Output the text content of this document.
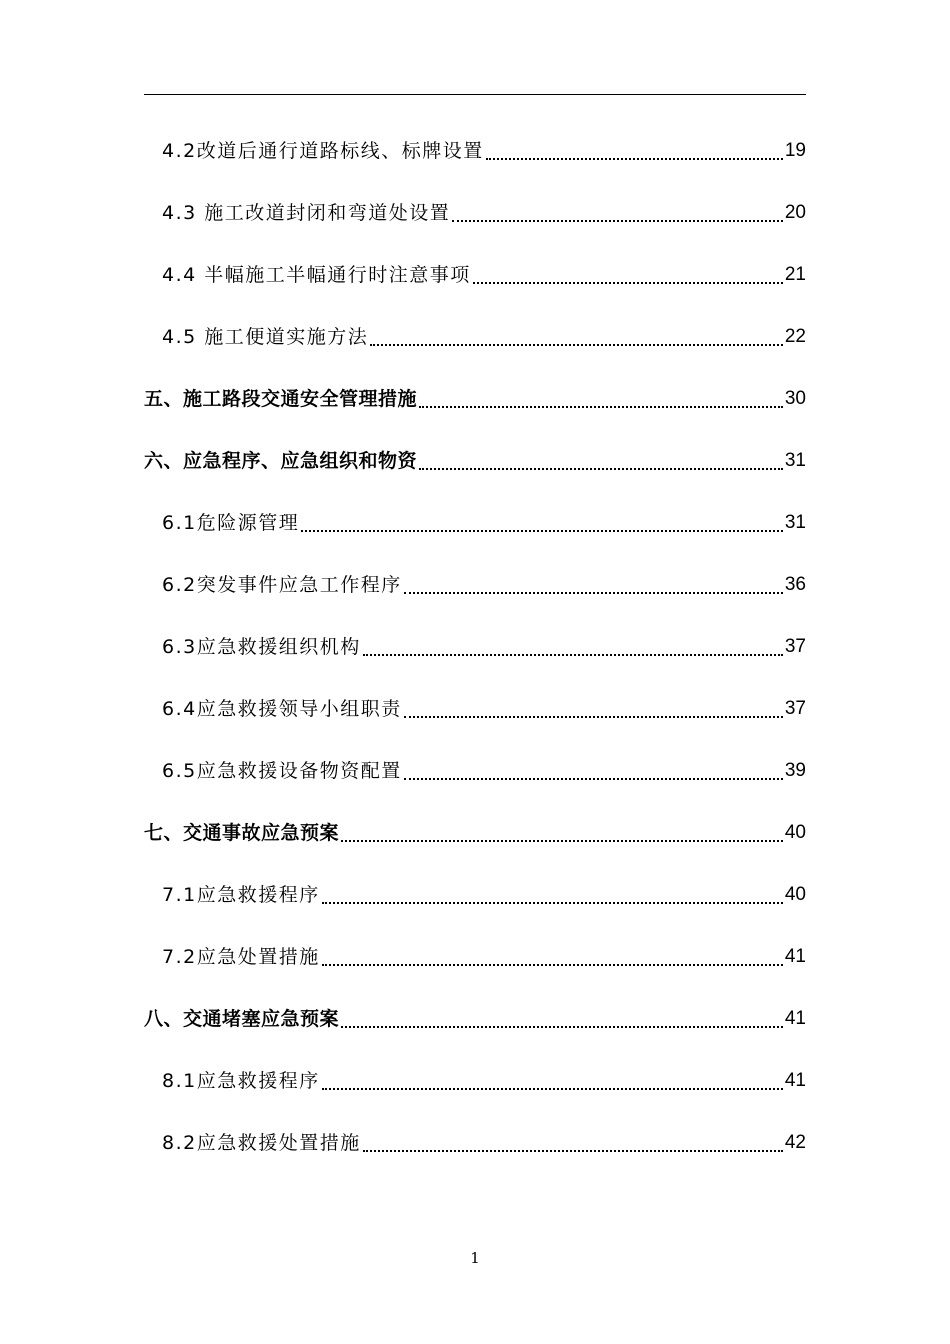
4.2改道后通行道路标线、标牌设置	19
4.3 施工改道封闭和弯道处设置	20
4.4 半幅施工半幅通行时注意事项	21
4.5 施工便道实施方法	22
五、施工路段交通安全管理措施	30
六、应急程序、应急组织和物资	31
6.1危险源管理	31
6.2突发事件应急工作程序	36
6.3应急救援组织机构	37
6.4应急救援领导小组职责	37
6.5应急救援设备物资配置	39
七、交通事故应急预案	40
7.1应急救援程序	40
7.2应急处置措施	41
八、交通堵塞应急预案	41
8.1应急救援程序	41
8.2应急救援处置措施	42
1
